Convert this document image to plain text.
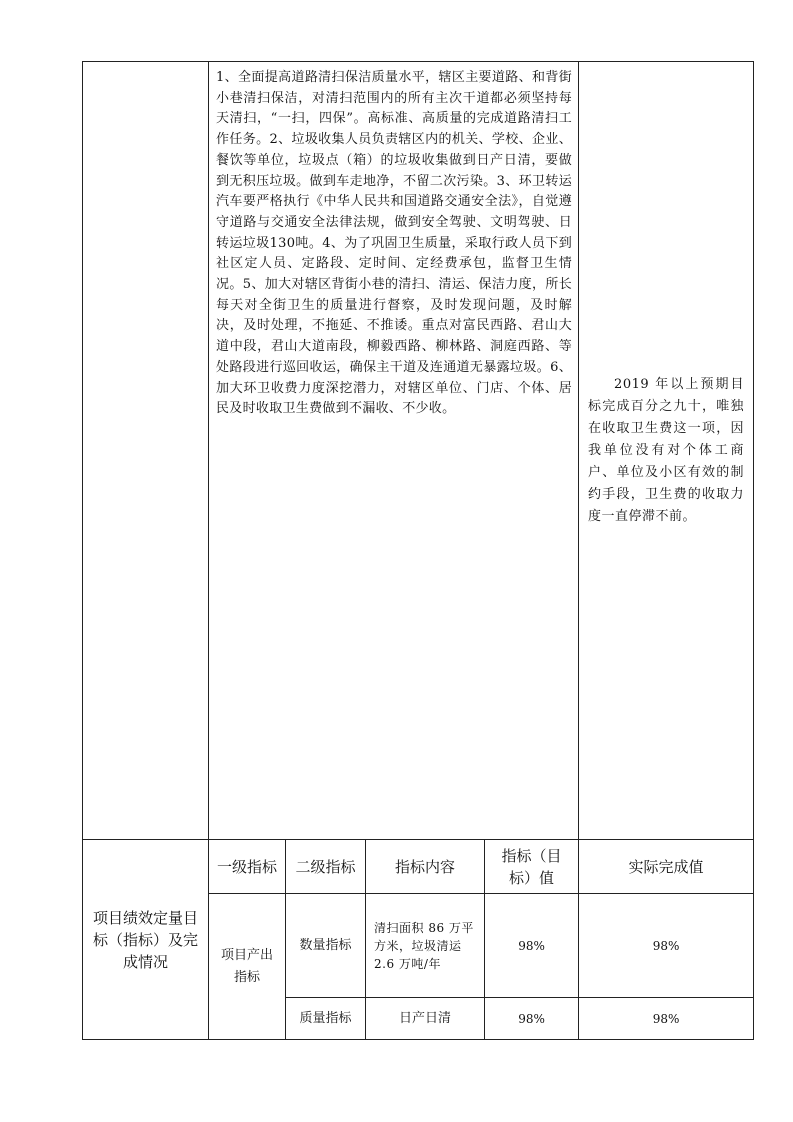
	1、全面提高道路清扫保洁质量水平，辖区主要道路、和背街小巷清扫保洁，对清扫范围内的所有主次干道都必须坚持每天清扫，“一扫，四保”。高标准、高质量的完成道路清扫工作任务。2、垃圾收集人员负责辖区内的机关、学校、企业、餐饮等单位，垃圾点（箱）的垃圾收集做到日产日清，要做到无积压垃圾。做到车走地净，不留二次污染。3、环卫转运汽车要严格执行《中华人民共和国道路交通安全法》，自觉遵守道路与交通安全法律法规，做到安全驾驶、文明驾驶、日转运垃圾130吨。4、为了巩固卫生质量，采取行政人员下到社区定人员、定路段、定时间、定经费承包，监督卫生情况。5、加大对辖区背街小巷的清扫、清运、保洁力度，所长每天对全街卫生的质量进行督察，及时发现问题，及时解决，及时处理，不拖延、不推诿。重点对富民西路、君山大道中段，君山大道南段，柳毅西路、柳林路、洞庭西路、等处路段进行巡回收运，确保主干道及连通道无暴露垃圾。6、加大环卫收费力度深挖潜力，对辖区单位、门店、个体、居民及时收取卫生费做到不漏收、不少收。				2019 年以上预期目标完成百分之九十，唯独在收取卫生费这一项，因我单位没有对个体工商户、单位及小区有效的制约手段，卫生费的收取力度一直停滞不前。

项目绩效定量目标（指标）及完成情况	一级指标	二级指标	指标内容	指标（目标）值	实际完成值

	项目产出指标	数量指标	清扫面积 86 万平方米，垃圾清运 2.6 万吨/年	98%	98%

		质量指标	日产日清	98%	98%
